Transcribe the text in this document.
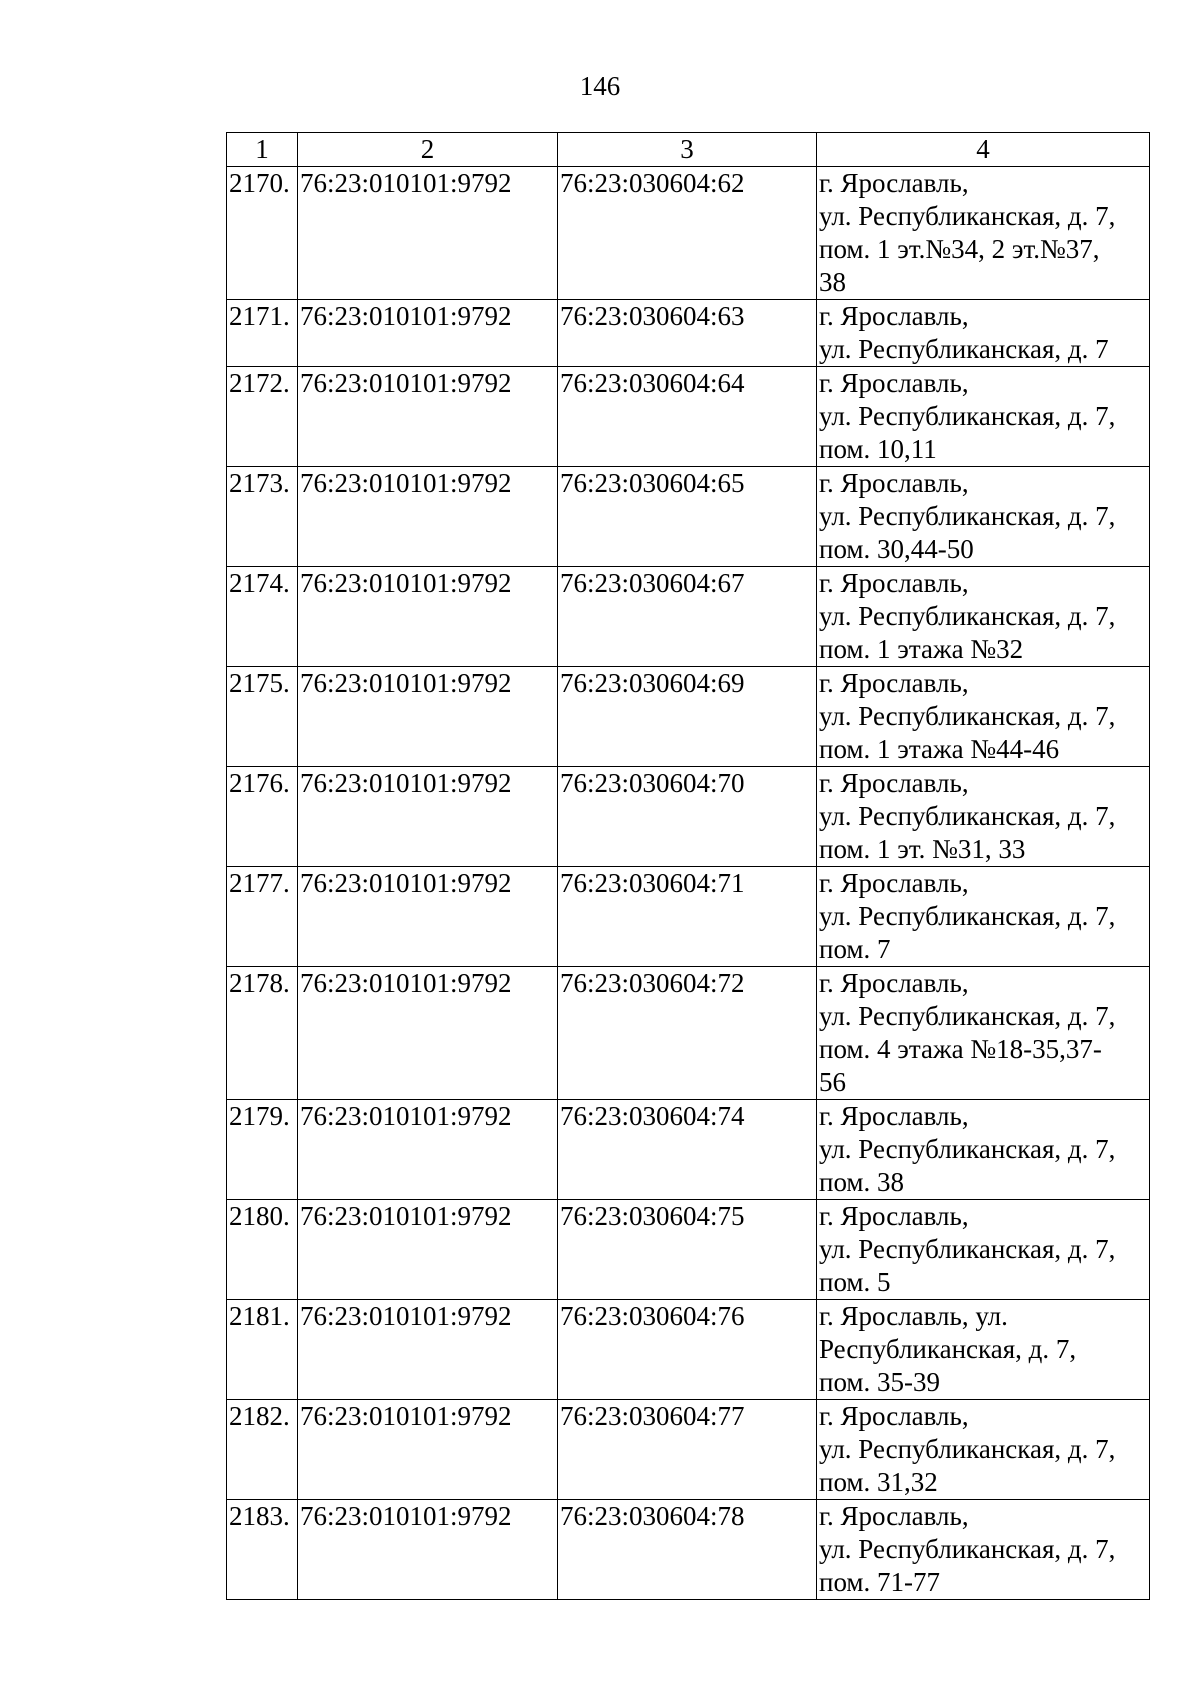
146
1	2	3	4
2170.	76:23:010101:9792	76:23:030604:62	г. Ярославль,
ул. Республиканская, д. 7,
пом. 1 эт.№34, 2 эт.№37,
38

2171.	76:23:010101:9792	76:23:030604:63	г. Ярославль,
ул. Республиканская, д. 7

2172.	76:23:010101:9792	76:23:030604:64	г. Ярославль,
ул. Республиканская, д. 7,
пом. 10,11

2173.	76:23:010101:9792	76:23:030604:65	г. Ярославль,
ул. Республиканская, д. 7,
пом. 30,44-50

2174.	76:23:010101:9792	76:23:030604:67	г. Ярославль,
ул. Республиканская, д. 7,
пом. 1 этажа №32

2175.	76:23:010101:9792	76:23:030604:69	г. Ярославль,
ул. Республиканская, д. 7,
пом. 1 этажа №44-46

2176.	76:23:010101:9792	76:23:030604:70	г. Ярославль,
ул. Республиканская, д. 7,
пом. 1 эт. №31, 33

2177.	76:23:010101:9792	76:23:030604:71	г. Ярославль,
ул. Республиканская, д. 7,
пом. 7

2178.	76:23:010101:9792	76:23:030604:72	г. Ярославль,
ул. Республиканская, д. 7,
пом. 4 этажа №18-35,37-
56

2179.	76:23:010101:9792	76:23:030604:74	г. Ярославль,
ул. Республиканская, д. 7,
пом. 38

2180.	76:23:010101:9792	76:23:030604:75	г. Ярославль,
ул. Республиканская, д. 7,
пом. 5

2181.	76:23:010101:9792	76:23:030604:76	г. Ярославль, ул.
Республиканская, д. 7,
пом. 35-39

2182.	76:23:010101:9792	76:23:030604:77	г. Ярославль,
ул. Республиканская, д. 7,
пом. 31,32

2183.	76:23:010101:9792	76:23:030604:78	г. Ярославль,
ул. Республиканская, д. 7,
пом. 71-77
